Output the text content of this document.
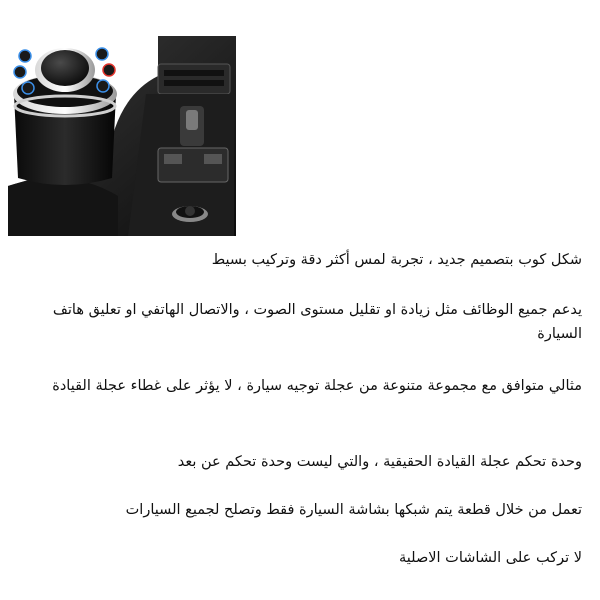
شكل كوب بتصميم جديد ، تجربة لمس أكثر دقة وتركيب بسيط
يدعم جميع الوظائف مثل زيادة او تقليل مستوى الصوت ، والاتصال الهاتفي او تعليق هاتف السيارة
مثالي متوافق مع مجموعة متنوعة من عجلة توجيه سيارة ، لا يؤثر على غطاء عجلة القيادة
وحدة تحكم عجلة القيادة الحقيقية ، والتي ليست وحدة تحكم عن بعد
تعمل من خلال قطعة يتم شبكها بشاشة السيارة فقط وتصلح لجميع السيارات
لا تركب على الشاشات الاصلية
